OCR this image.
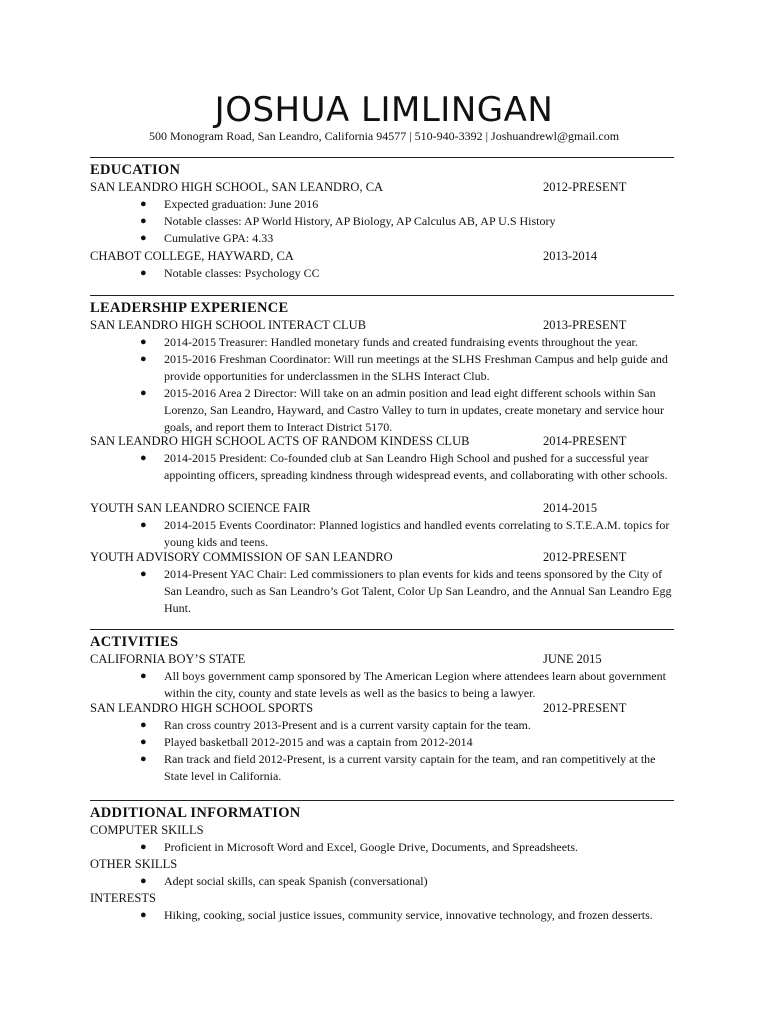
JOSHUA LIMLINGAN
500 Monogram Road, San Leandro, California 94577 | 510-940-3392 | Joshuandrewl@gmail.com
EDUCATION
SAN LEANDRO HIGH SCHOOL, SAN LEANDRO, CA	2012-PRESENT
● Expected graduation: June 2016
● Notable classes: AP World History, AP Biology, AP Calculus AB, AP U.S History
● Cumulative GPA: 4.33
CHABOT COLLEGE, HAYWARD, CA	2013-2014
● Notable classes: Psychology CC
LEADERSHIP EXPERIENCE
SAN LEANDRO HIGH SCHOOL INTERACT CLUB	2013-PRESENT
● 2014-2015 Treasurer: Handled monetary funds and created fundraising events throughout the year.
● 2015-2016 Freshman Coordinator: Will run meetings at the SLHS Freshman Campus and help guide and provide opportunities for underclassmen in the SLHS Interact Club.
● 2015-2016 Area 2 Director: Will take on an admin position and lead eight different schools within San Lorenzo, San Leandro, Hayward, and Castro Valley to turn in updates, create monetary and service hour goals, and report them to Interact District 5170.
SAN LEANDRO HIGH SCHOOL ACTS OF RANDOM KINDESS CLUB	2014-PRESENT
● 2014-2015 President: Co-founded club at San Leandro High School and pushed for a successful year appointing officers, spreading kindness through widespread events, and collaborating with other schools.
YOUTH SAN LEANDRO SCIENCE FAIR	2014-2015
● 2014-2015 Events Coordinator: Planned logistics and handled events correlating to S.T.E.A.M. topics for young kids and teens.
YOUTH ADVISORY COMMISSION OF SAN LEANDRO	2012-PRESENT
● 2014-Present YAC Chair: Led commissioners to plan events for kids and teens sponsored by the City of San Leandro, such as San Leandro’s Got Talent, Color Up San Leandro, and the Annual San Leandro Egg Hunt.
ACTIVITIES
CALIFORNIA BOY’S STATE	JUNE 2015
● All boys government camp sponsored by The American Legion where attendees learn about government within the city, county and state levels as well as the basics to being a lawyer.
SAN LEANDRO HIGH SCHOOL SPORTS	2012-PRESENT
● Ran cross country 2013-Present and is a current varsity captain for the team.
● Played basketball 2012-2015 and was a captain from 2012-2014
● Ran track and field 2012-Present, is a current varsity captain for the team, and ran competitively at the State level in California.
ADDITIONAL INFORMATION
COMPUTER SKILLS
● Proficient in Microsoft Word and Excel, Google Drive, Documents, and Spreadsheets.
OTHER SKILLS
● Adept social skills, can speak Spanish (conversational)
INTERESTS
● Hiking, cooking, social justice issues, community service, innovative technology, and frozen desserts.
